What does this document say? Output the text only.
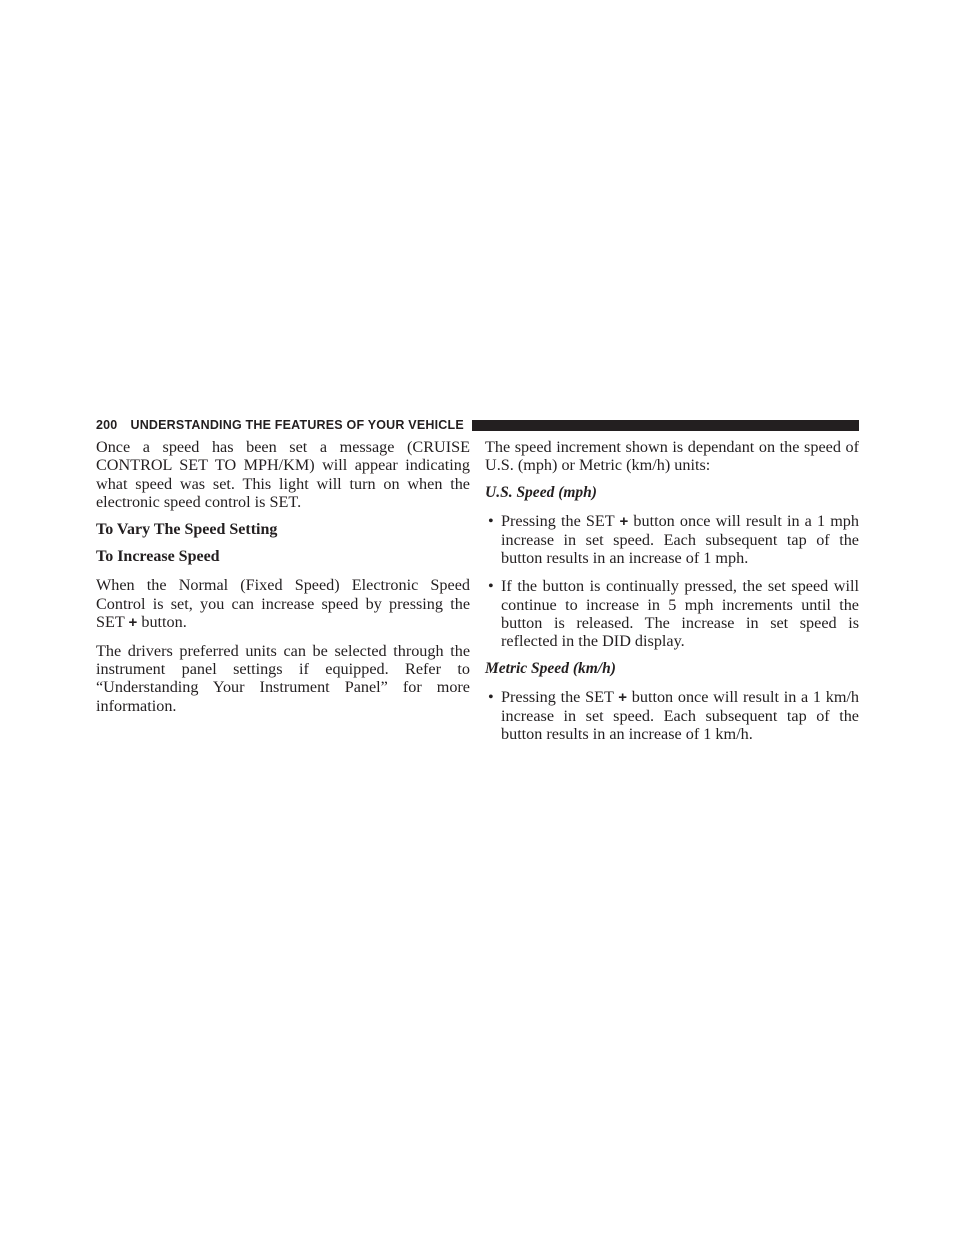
200 UNDERSTANDING THE FEATURES OF YOUR VEHICLE

Once a speed has been set a message (CRUISE CONTROL SET TO MPH/KM) will appear indicating what speed was set. This light will turn on when the electronic speed control is SET.

To Vary The Speed Setting
To Increase Speed

When the Normal (Fixed Speed) Electronic Speed Control is set, you can increase speed by pressing the SET + button.

The drivers preferred units can be selected through the instrument panel settings if equipped. Refer to “Understanding Your Instrument Panel” for more information.

The speed increment shown is dependant on the speed of U.S. (mph) or Metric (km/h) units:

U.S. Speed (mph)
• Pressing the SET + button once will result in a 1 mph increase in set speed. Each subsequent tap of the button results in an increase of 1 mph.
• If the button is continually pressed, the set speed will continue to increase in 5 mph increments until the button is released. The increase in set speed is reflected in the DID display.
Metric Speed (km/h)
• Pressing the SET + button once will result in a 1 km/h increase in set speed. Each subsequent tap of the button results in an increase of 1 km/h.
